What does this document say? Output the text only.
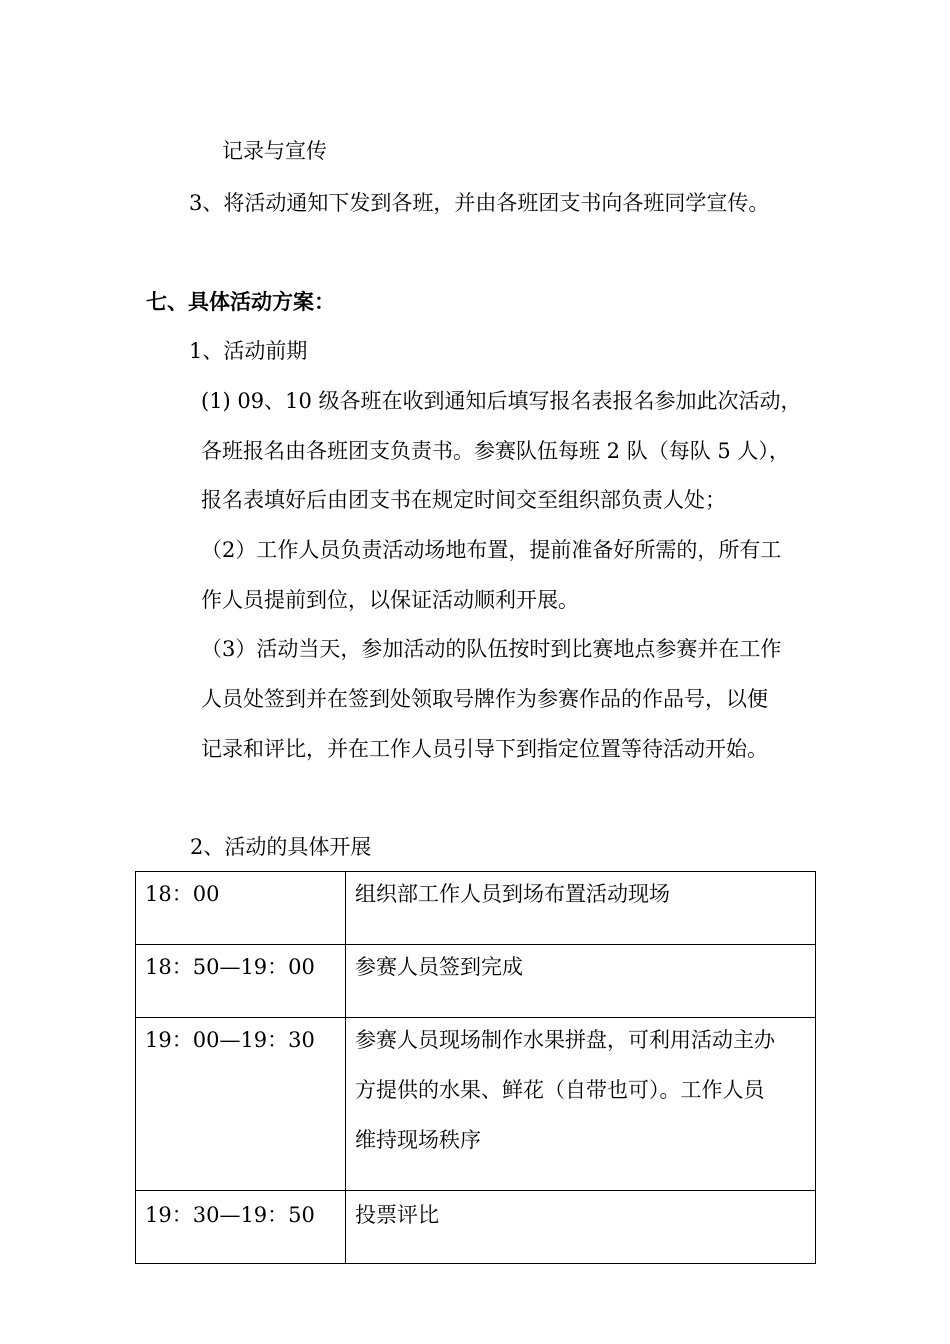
记录与宣传
3、将活动通知下发到各班，并由各班团支书向各班同学宣传。
七、具体活动方案：
1、活动前期
(1) 09、10 级各班在收到通知后填写报名表报名参加此次活动，
各班报名由各班团支负责书。参赛队伍每班 2 队（每队 5 人），
报名表填好后由团支书在规定时间交至组织部负责人处；
（2）工作人员负责活动场地布置，提前准备好所需的，所有工
作人员提前到位，以保证活动顺利开展。
（3）活动当天，参加活动的队伍按时到比赛地点参赛并在工作
人员处签到并在签到处领取号牌作为参赛作品的作品号，以便
记录和评比，并在工作人员引导下到指定位置等待活动开始。
2、活动的具体开展
18：00	组织部工作人员到场布置活动现场

18：50—19：00	参赛人员签到完成

19：00—19：30	参赛人员现场制作水果拼盘，可利用活动主办
方提供的水果、鲜花（自带也可）。工作人员
维持现场秩序

19：30—19：50	投票评比
